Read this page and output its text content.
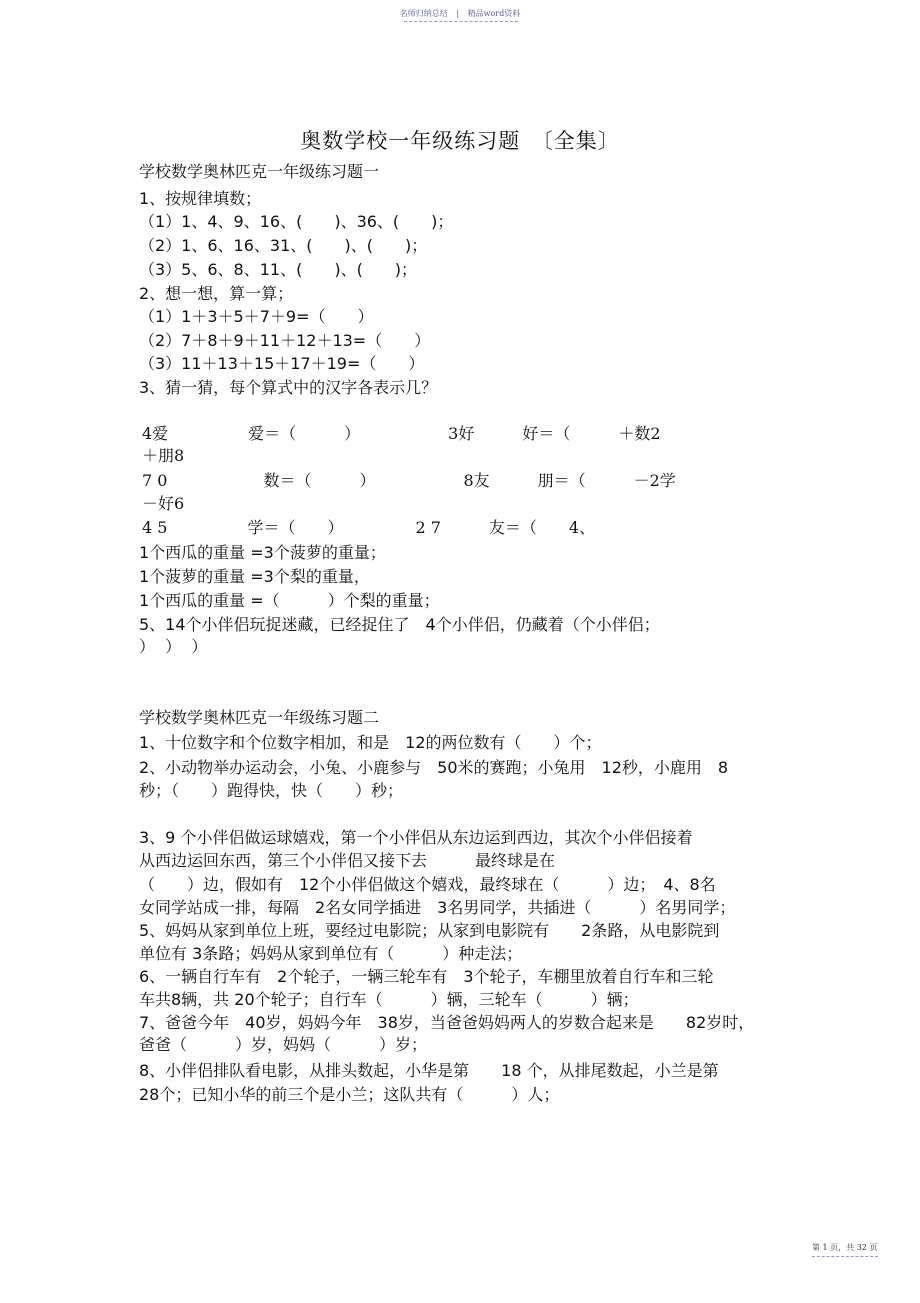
名师归纳总结 | 精品word资料
奥数学校一年级练习题　〔全集〕
学校数学奥林匹克一年级练习题一
1、按规律填数；
（1）1、4、9、16、(　　)、36、(　　)；
（2）1、6、16、31、(　　)、(　　)；
（3）5、6、8、11、(　　)、(　　)；
2、想一想，算一算；
（1）1＋3＋5＋7＋9=（　　）
（2）7＋8＋9＋11＋12＋13=（　　）
（3）11＋13＋15＋17＋19=（　　）
3、猜一猜，每个算式中的汉字各表示几？
4爱　　　　　爱＝（　　　）　　　　　　3好　　　好＝（　　　＋数2
＋朋8
7 0　　　　　　数＝（　　　）　　　　　　8友　　　朋＝（　　　－2学
－好6
4 5　　　　　学＝（　　）　　　　　2 7　　　友＝（　　4、
1个西瓜的重量 =3个菠萝的重量；
1个菠萝的重量 =3个梨的重量，
1个西瓜的重量 =（　　　）个梨的重量；
5、14个小伴侣玩捉迷藏，已经捉住了　4个小伴侣，仍藏着（个小伴侣；
）  ）  ）
学校数学奥林匹克一年级练习题二
1、十位数字和个位数字相加，和是　12的两位数有（　　）个；
2、小动物举办运动会，小兔、小鹿参与　50米的赛跑；小兔用　12秒，小鹿用　8
秒；（　　）跑得快，快（　　）秒；
3、9 个小伴侣做运球嬉戏，第一个小伴侣从东边运到西边，其次个小伴侣接着
从西边运回东西，第三个小伴侣又接下去　　　最终球是在
（　　）边，假如有　12个小伴侣做这个嬉戏，最终球在（　　　）边；　4、8名
女同学站成一排，每隔　2名女同学插进　3名男同学，共插进（　　　）名男同学；
5、妈妈从家到单位上班，要经过电影院；从家到电影院有　　2条路，从电影院到
单位有 3条路；妈妈从家到单位有（　　　）种走法；
6、一辆自行车有　2个轮子，一辆三轮车有　3个轮子，车棚里放着自行车和三轮
车共8辆，共 20个轮子；自行车（　　　）辆，三轮车（　　　）辆；
7、爸爸今年　40岁，妈妈今年　38岁，当爸爸妈妈两人的岁数合起来是　　82岁时，
爸爸（　　　）岁，妈妈（　　　）岁；
8、小伴侣排队看电影，从排头数起，小华是第　　18 个，从排尾数起，小兰是第
28个；已知小华的前三个是小兰；这队共有（　　　）人；
第 1 页，共 32 页
